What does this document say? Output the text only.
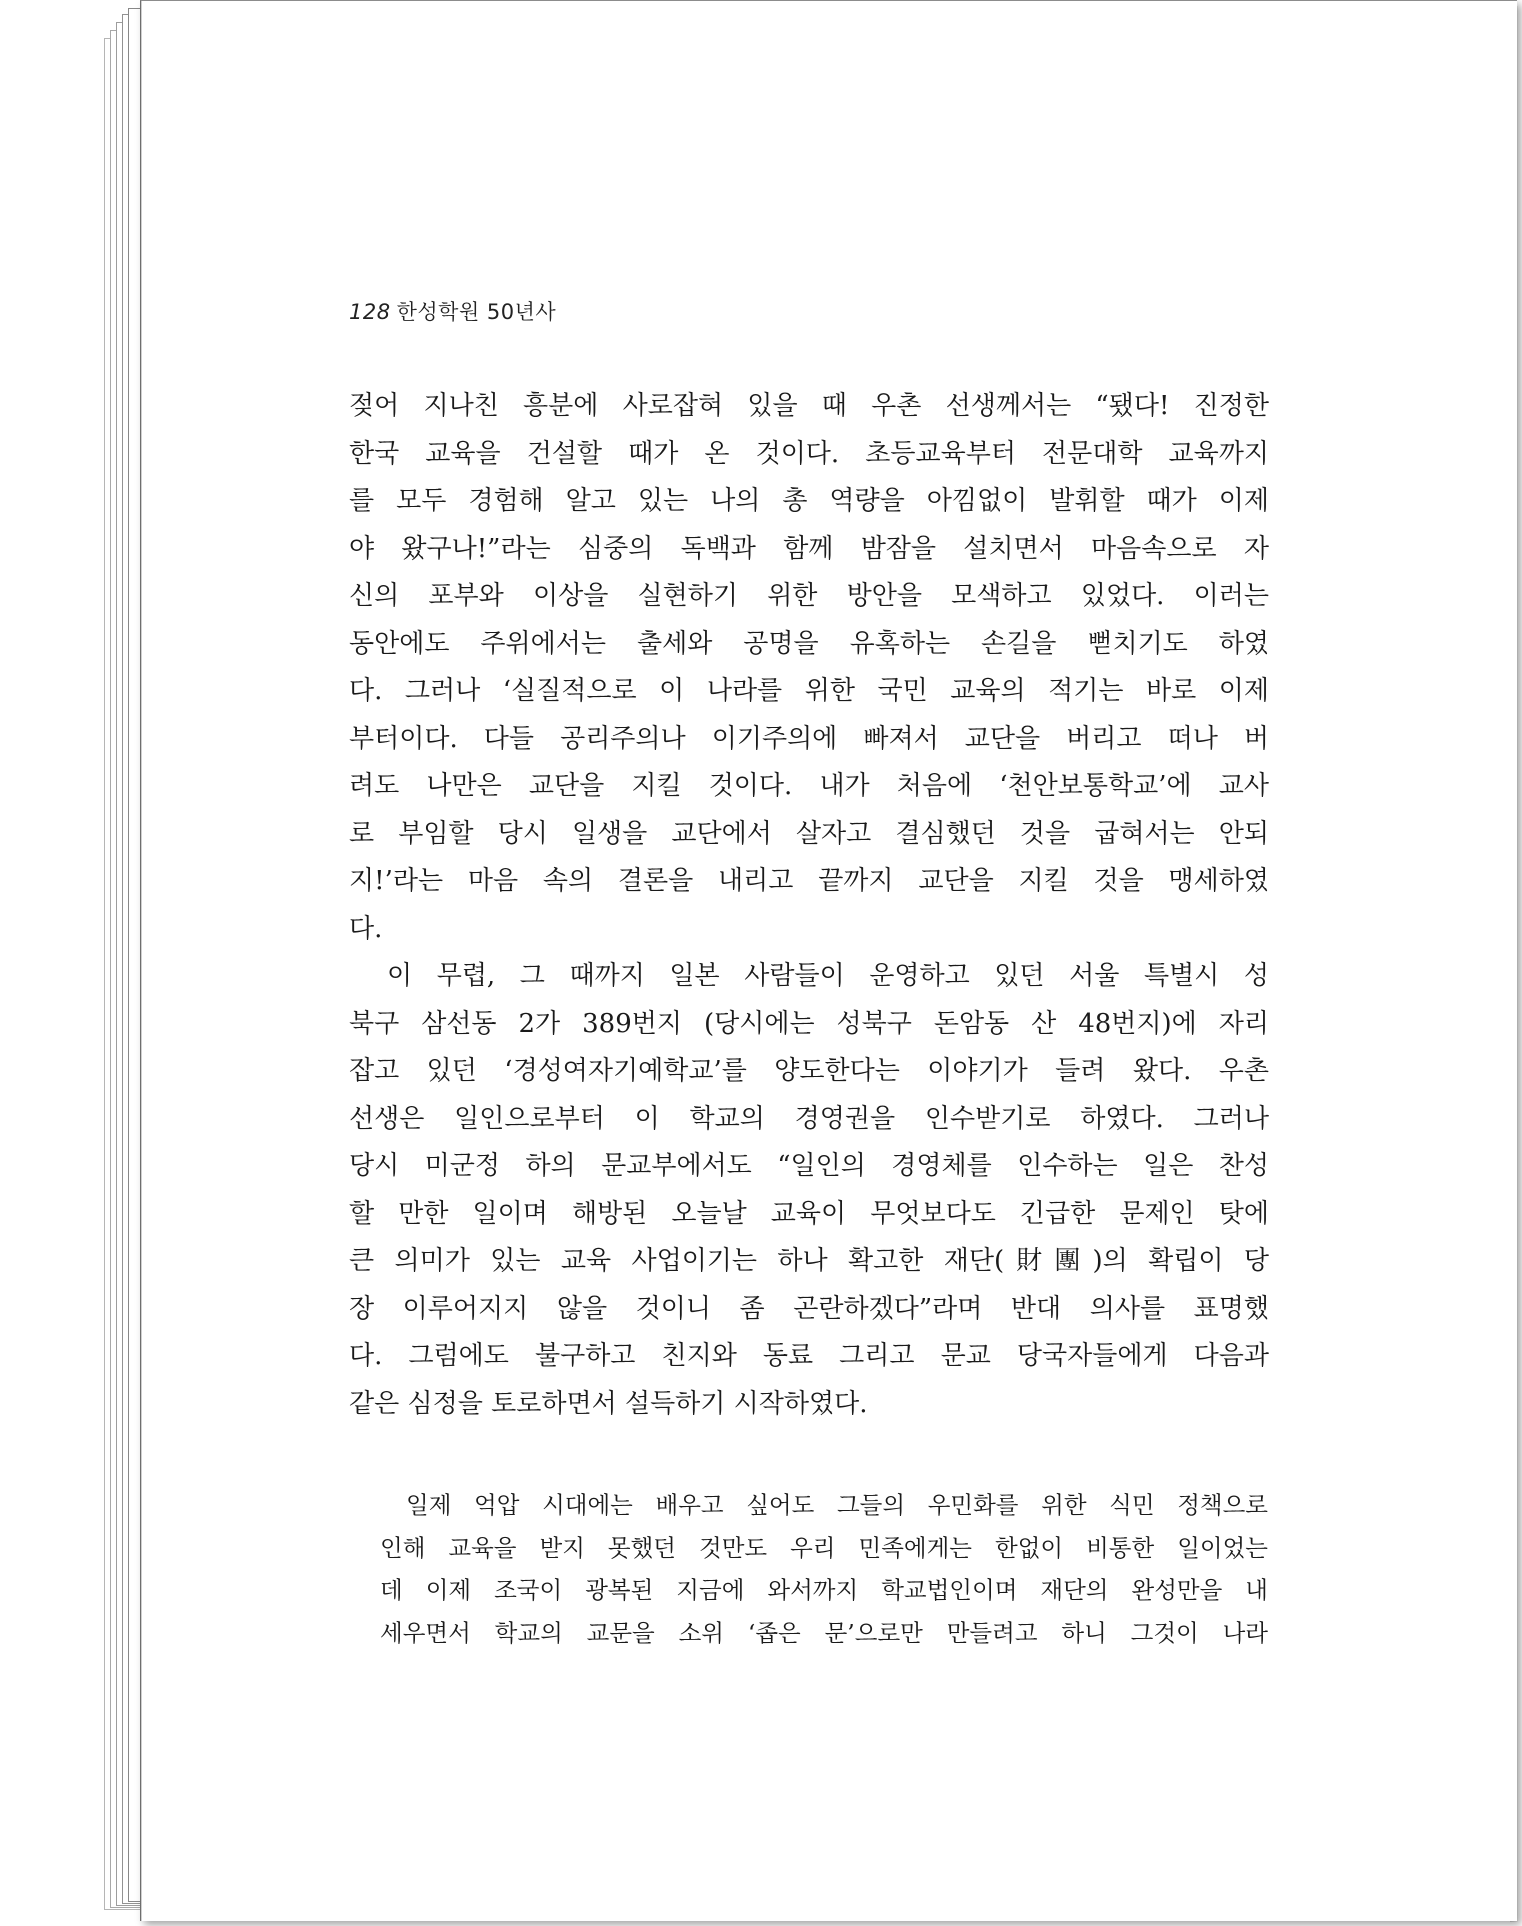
128 한성학원 50년사
젖어 지나친 흥분에 사로잡혀 있을 때 우촌 선생께서는 “됐다! 진정한
한국 교육을 건설할 때가 온 것이다. 초등교육부터 전문대학 교육까지
를 모두 경험해 알고 있는 나의 총 역량을 아낌없이 발휘할 때가 이제
야 왔구나!”라는 심중의 독백과 함께 밤잠을 설치면서 마음속으로 자
신의 포부와 이상을 실현하기 위한 방안을 모색하고 있었다. 이러는
동안에도 주위에서는 출세와 공명을 유혹하는 손길을 뻗치기도 하였
다. 그러나 ‘실질적으로 이 나라를 위한 국민 교육의 적기는 바로 이제
부터이다. 다들 공리주의나 이기주의에 빠져서 교단을 버리고 떠나 버
려도 나만은 교단을 지킬 것이다. 내가 처음에 ‘천안보통학교’에 교사
로 부임할 당시 일생을 교단에서 살자고 결심했던 것을 굽혀서는 안되
지!’라는 마음 속의 결론을 내리고 끝까지 교단을 지킬 것을 맹세하였
다.
이 무렵, 그 때까지 일본 사람들이 운영하고 있던 서울 특별시 성
북구 삼선동 2가 389번지 (당시에는 성북구 돈암동 산 48번지)에 자리
잡고 있던 ‘경성여자기예학교’를 양도한다는 이야기가 들려 왔다. 우촌
선생은 일인으로부터 이 학교의 경영권을 인수받기로 하였다. 그러나
당시 미군정 하의 문교부에서도 “일인의 경영체를 인수하는 일은 찬성
할 만한 일이며 해방된 오늘날 교육이 무엇보다도 긴급한 문제인 탓에
큰 의미가 있는 교육 사업이기는 하나 확고한 재단(財團)의 확립이 당
장 이루어지지 않을 것이니 좀 곤란하겠다”라며 반대 의사를 표명했
다. 그럼에도 불구하고 친지와 동료 그리고 문교 당국자들에게 다음과
같은 심정을 토로하면서 설득하기 시작하였다.
일제 억압 시대에는 배우고 싶어도 그들의 우민화를 위한 식민 정책으로
인해 교육을 받지 못했던 것만도 우리 민족에게는 한없이 비통한 일이었는
데 이제 조국이 광복된 지금에 와서까지 학교법인이며 재단의 완성만을 내
세우면서 학교의 교문을 소위 ‘좁은 문’으로만 만들려고 하니 그것이 나라
